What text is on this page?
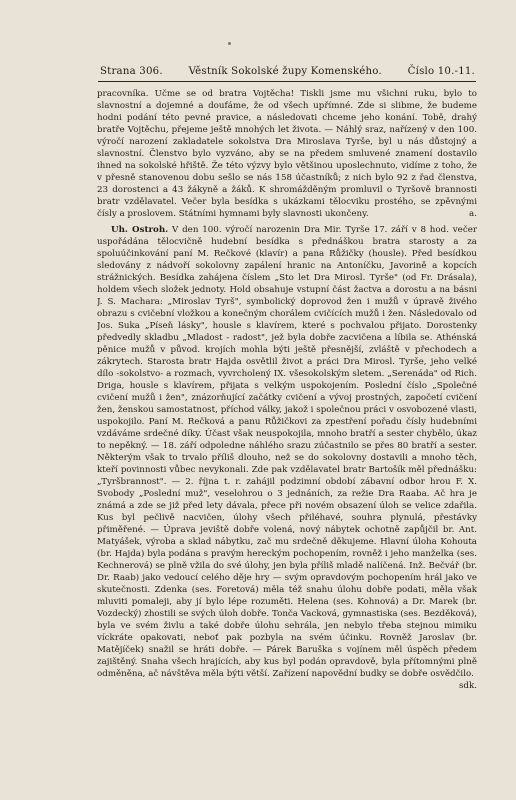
Strana 306.	Věstník Sokolské župy Komenského.	Číslo 10.-11.

pracovníka. Učme se od bratra Vojtěcha! Tiskli jsme mu všichni ruku, bylo to slavnostní a dojemné a doufáme, že od všech upřímné. Zde si slibme, že budeme hodni podání této pevné pravice, a následovati chceme jeho konání. Tobě, drahý bratře Vojtěchu, přejeme ještě mnohých let života. — Náhlý sraz, nařízený v den 100. výročí narození zakladatele sokolstva Dra Miroslava Tyrše, byl u nás důstojný a slavnostní. Členstvo bylo vyzváno, aby se na předem smluvené znamení dostavilo ihned na sokolské hřiště. Že této výzvy bylo většinou uposlechnuto, vidíme z toho, že v přesně stanovenou dobu sešlo se nás 158 účastníků; z nich bylo 92 z řad členstva, 23 dorostenci a 43 žákyně a žáků. K shromážděným promluvil o Tyršově brannosti bratr vzdělavatel. Večer byla besídka s ukázkami tělocviku prostého, se zpěvnými čísly a proslovem. Státními hymnami byly slavnosti ukončeny.	a.

Uh. Ostroh. V den 100. výročí narozenin Dra Mir. Tyrše 17. září v 8 hod. večer uspořádána tělocvičně hudební besídka s přednáškou bratra starosty a za spoluúčinkování paní M. Rečkové (klavír) a pana Růžičky (housle). Před besídkou sledovány z nádvoří sokolovny zapálení hranic na Antoníčku, Javorině a kopcích strážnických. Besídka zahájena číslem „Sto let Dra Mirosl. Tyrše" (od Fr. Drásala), holdem všech složek jednoty. Hold obsahuje vstupní část žactva a dorostu a na básni J. S. Machara: „Miroslav Tyrš", symbolický doprovod žen i mužů v úpravě živého obrazu s cvičební vložkou a konečným chorálem cvičících mužů i žen. Následovalo od Jos. Suka „Píseň lásky", housle s klavírem, které s pochvalou přijato. Dorostenky předvedly skladbu „Mladost - radost", jež byla dobře zacvičena a líbila se. Athénská pěnice mužů v původ. krojích mohla býti ještě přesnější, zvláště v přechodech a zákrytech. Starosta bratr Hajda osvětlil život a práci Dra Mirosl. Tyrše, jeho velké dílo -sokolstvo- a rozmach, vyvrcholený IX. všesokolským sletem. „Serenáda" od Rich. Driga, housle s klavírem, přijata s velkým uspokojením. Poslední číslo „Společné cvičení mužů i žen", znázorňující začátky cvičení a vývoj prostných, započetí cvičení žen, ženskou samostatnost, příchod války, jakož i společnou práci v osvobozené vlasti, uspokojilo. Paní M. Rečková a panu Růžičkovi za zpestření pořadu čísly hudebními vzdáváme srdečné díky. Účast však neuspokojila, mnoho bratří a sester chybělo, úkaz to nepěkný. — 18. září odpoledne náhlého srazu zúčastnilo se přes 80 bratří a sester. Některým však to trvalo příliš dlouho, než se do sokolovny dostavili a mnoho těch, kteří povinnosti vůbec nevykonali. Zde pak vzdělavatel bratr Bartošík měl přednášku: „Tyršbrannost". — 2. října t. r. zahájil podzimní období zábavní odbor hrou F. X. Svobody „Poslední muž", veselohrou o 3 jednáních, za režie Dra Raaba. Ač hra je známá a zde se již před lety dávala, přece při novém obsazení úloh se velice zdařila. Kus byl pečlivě nacvičen, úlohy všech přiléhavé, souhra plynulá, přestávky přiměřené. — Úprava jeviště dobře volená, nový nábytek ochotně zapůjčil br. Ant. Matyášek, výroba a sklad nábytku, zač mu srdečně děkujeme. Hlavní úloha Kohouta (br. Hajda) byla podána s pravým hereckým pochopením, rovněž i jeho manželka (ses. Kechnerová) se plně vžila do své úlohy, jen byla příliš mladě nalíčená. Inž. Bečvář (br. Dr. Raab) jako vedoucí celého děje hry — svým opravdovým pochopením hrál jako ve skutečnosti. Zdenka (ses. Foretová) měla též snahu úlohu dobře podati, měla však mluviti pomaleji, aby jí bylo lépe rozuměti. Helena (ses. Kohnová) a Dr. Marek (br. Vozdecký) zhostili se svých úloh dobře. Tonča Vacková, gymnastiska (ses. Bezděková), byla ve svém živlu a také dobře úlohu sehrála, jen nebylo třeba stejnou mimiku víckráte opakovati, neboť pak pozbyla na svém účinku. Rovněž Jaroslav (br. Matějíček) snažil se hráti dobře. — Párek Baruška s vojínem měl úspěch předem zajištěný. Snaha všech hrajících, aby kus byl podán opravdově, byla přítomnými plně odměněna, ač návštěva měla býti větší. Zařízení napovědní budky se dobře osvědčilo.
sdk.
